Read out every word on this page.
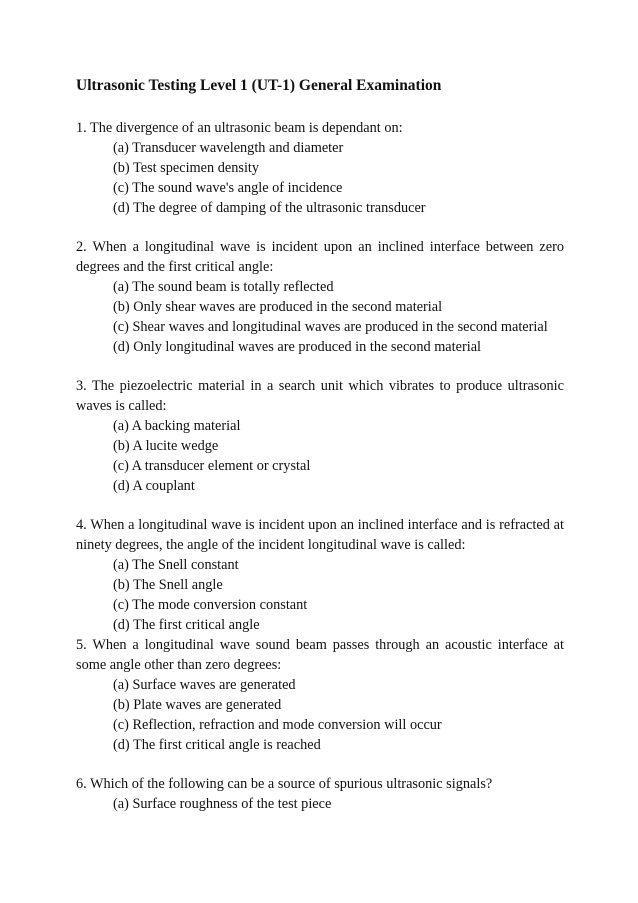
Ultrasonic Testing Level 1 (UT-1) General Examination

1. The divergence of an ultrasonic beam is dependant on:

(a) Transducer wavelength and diameter
(b) Test specimen density
(c) The sound wave's angle of incidence
(d) The degree of damping of the ultrasonic transducer

2. When a longitudinal wave is incident upon an inclined interface between zero degrees and the first critical angle:

(a) The sound beam is totally reflected
(b) Only shear waves are produced in the second material
(c) Shear waves and longitudinal waves are produced in the second material
(d) Only longitudinal waves are produced in the second material

3. The piezoelectric material in a search unit which vibrates to produce ultrasonic waves is called:

(a) A backing material
(b) A lucite wedge
(c) A transducer element or crystal
(d) A couplant

4. When a longitudinal wave is incident upon an inclined interface and is refracted at ninety degrees, the angle of the incident longitudinal wave is called:

(a) The Snell constant
(b) The Snell angle
(c) The mode conversion constant
(d) The first critical angle

5. When a longitudinal wave sound beam passes through an acoustic interface at some angle other than zero degrees:

(a) Surface waves are generated
(b) Plate waves are generated
(c) Reflection, refraction and mode conversion will occur
(d) The first critical angle is reached

6. Which of the following can be a source of spurious ultrasonic signals?

(a) Surface roughness of the test piece
